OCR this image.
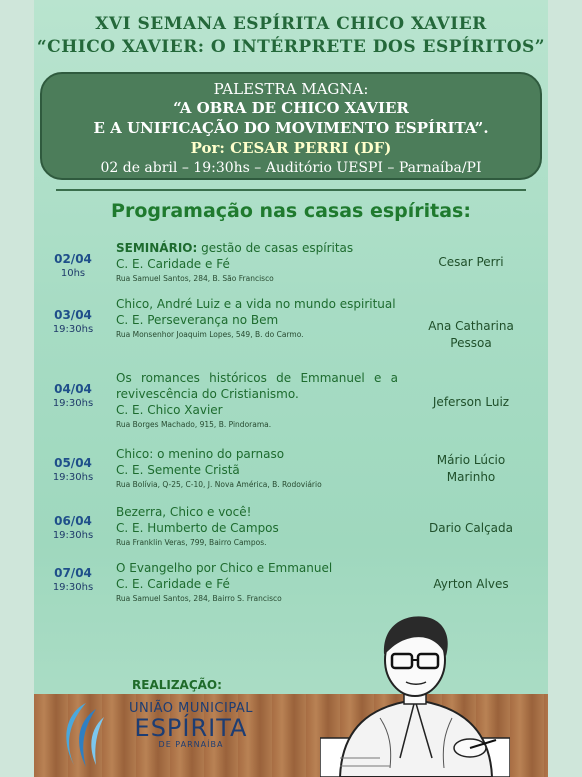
XVI SEMANA ESPÍRITA CHICO XAVIER
“CHICO XAVIER: O INTÉRPRETE DOS ESPÍRITOS”
PALESTRA MAGNA:
“A OBRA DE CHICO XAVIER
E A UNIFICAÇÃO DO MOVIMENTO ESPÍRITA”.
Por: CESAR PERRI (DF)
02 de abril – 19:30hs – Auditório UESPI – Parnaíba/PI
Programação nas casas espíritas:
02/04
10hs
SEMINÁRIO: gestão de casas espíritas
C. E. Caridade e Fé
Rua Samuel Santos, 284, B. São Francisco
Cesar Perri
03/04
19:30hs
Chico, André Luiz e a vida no mundo espiritual
C. E. Perseverança no Bem
Rua Monsenhor Joaquim Lopes, 549, B. do Carmo.
Ana Catharina Pessoa
04/04
19:30hs
Os romances históricos de Emmanuel e a revivescência do Cristianismo.
C. E. Chico Xavier
Rua Borges Machado, 915, B. Pindorama.
Jeferson Luiz
05/04
19:30hs
Chico: o menino do parnaso
C. E. Semente Cristã
Rua Bolívia, Q-25, C-10, J. Nova América, B. Rodoviário
Mário Lúcio Marinho
06/04
19:30hs
Bezerra, Chico e você!
C. E. Humberto de Campos
Rua Franklin Veras, 799, Bairro Campos.
Dario Calçada
07/04
19:30hs
O Evangelho por Chico e Emmanuel
C. E. Caridade e Fé
Rua Samuel Santos, 284, Bairro S. Francisco
Ayrton Alves
REALIZAÇÃO:
UNIÃO MUNICIPAL
ESPÍRITA
DE PARNAÍBA
